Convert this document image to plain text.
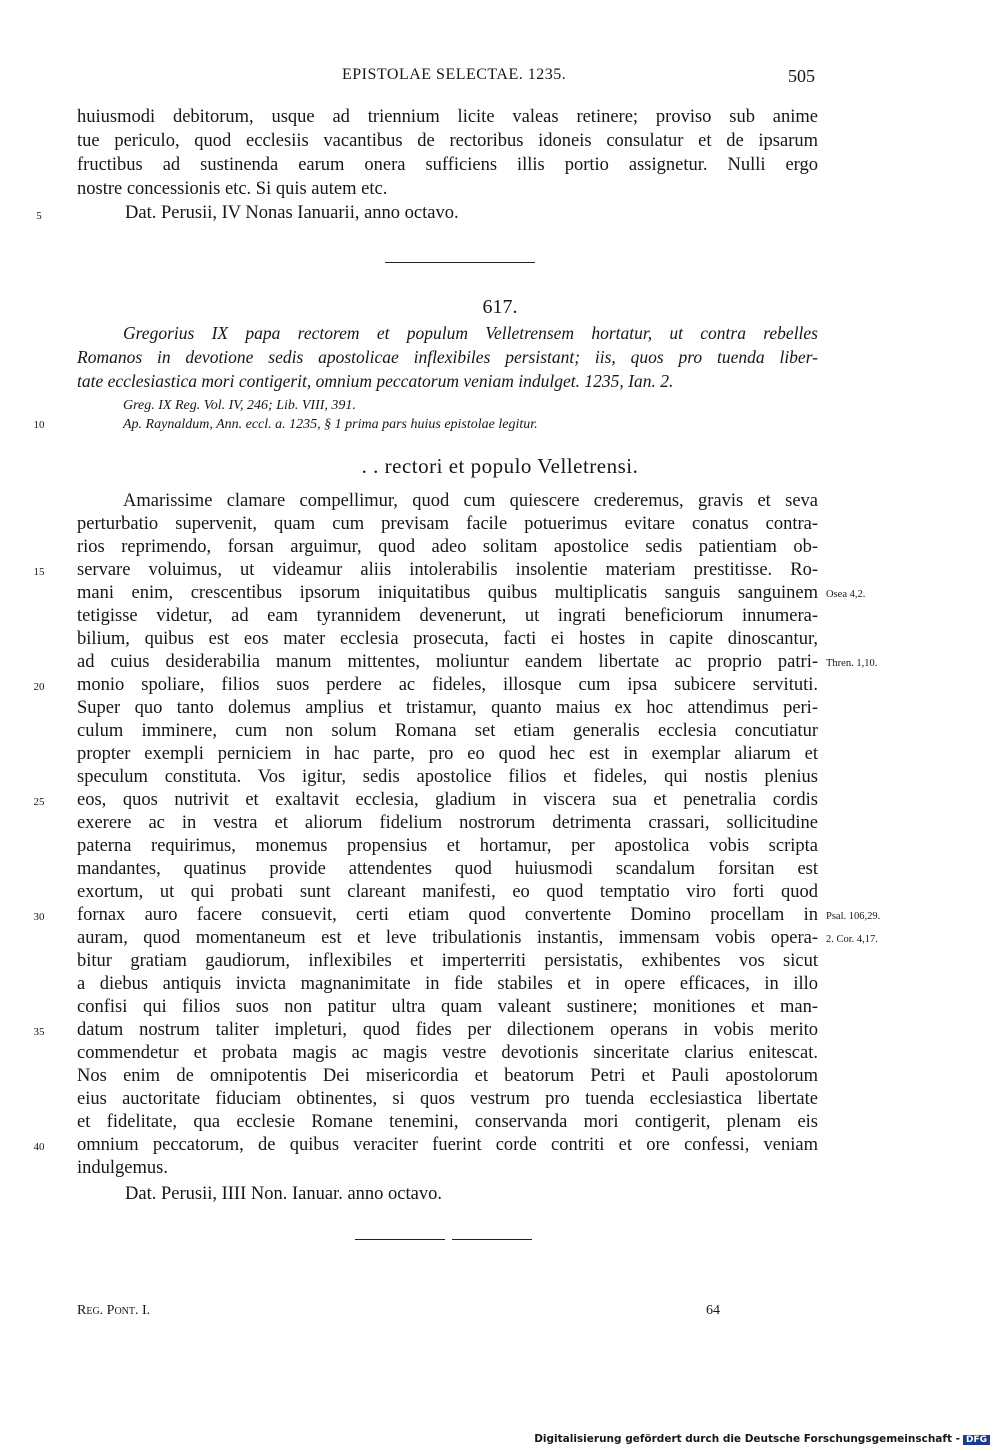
EPISTOLAE SELECTAE. 1235.	505
huiusmodi debitorum, usque ad triennium licite valeas retinere; proviso sub anime
tue periculo, quod ecclesiis vacantibus de rectoribus idoneis consulatur et de ipsarum
fructibus ad sustinenda earum onera sufficiens illis portio assignetur. Nulli ergo
nostre concessionis etc. Si quis autem etc.
Dat. Perusii, IV Nonas Ianuarii, anno octavo.
617.
Gregorius IX papa rectorem et populum Velletrensem hortatur, ut contra rebelles
Romanos in devotione sedis apostolicae inflexibiles persistant; iis, quos pro tuenda liber-
tate ecclesiastica mori contigerit, omnium peccatorum veniam indulget. 1235, Ian. 2.
Greg. IX Reg. Vol. IV, 246; Lib. VIII, 391.
Ap. Raynaldum, Ann. eccl. a. 1235, § 1 prima pars huius epistolae legitur.
. . rectori et populo Velletrensi.
Amarissime clamare compellimur, quod cum quiescere crederemus, gravis et seva
perturbatio supervenit, quam cum previsam facile potuerimus evitare conatus contra-
rios reprimendo, forsan arguimur, quod adeo solitam apostolice sedis patientiam ob-
servare voluimus, ut videamur aliis intolerabilis insolentie materiam prestitisse. Ro-
mani enim, crescentibus ipsorum iniquitatibus quibus multiplicatis sanguis sanguinem
tetigisse videtur, ad eam tyrannidem devenerunt, ut ingrati beneficiorum innumera-
bilium, quibus est eos mater ecclesia prosecuta, facti ei hostes in capite dinoscantur,
ad cuius desiderabilia manum mittentes, moliuntur eandem libertate ac proprio patri-
monio spoliare, filios suos perdere ac fideles, illosque cum ipsa subicere servituti.
Super quo tanto dolemus amplius et tristamur, quanto maius ex hoc attendimus peri-
culum imminere, cum non solum Romana set etiam generalis ecclesia concutiatur
propter exempli perniciem in hac parte, pro eo quod hec est in exemplar aliarum et
speculum constituta. Vos igitur, sedis apostolice filios et fideles, qui nostis plenius
eos, quos nutrivit et exaltavit ecclesia, gladium in viscera sua et penetralia cordis
exerere ac in vestra et aliorum fidelium nostrorum detrimenta crassari, sollicitudine
paterna requirimus, monemus propensius et hortamur, per apostolica vobis scripta
mandantes, quatinus provide attendentes quod huiusmodi scandalum forsitan est
exortum, ut qui probati sunt clareant manifesti, eo quod temptatio viro forti quod
fornax auro facere consuevit, certi etiam quod convertente Domino procellam in
auram, quod momentaneum est et leve tribulationis instantis, immensam vobis opera-
bitur gratiam gaudiorum, inflexibiles et imperterriti persistatis, exhibentes vos sicut
a diebus antiquis invicta magnanimitate in fide stabiles et in opere efficaces, in illo
confisi qui filios suos non patitur ultra quam valeant sustinere; monitiones et man-
datum nostrum taliter impleturi, quod fides per dilectionem operans in vobis merito
commendetur et probata magis ac magis vestre devotionis sinceritate clarius enitescat.
Nos enim de omnipotentis Dei misericordia et beatorum Petri et Pauli apostolorum
eius auctoritate fiduciam obtinentes, si quos vestrum pro tuenda ecclesiastica libertate
et fidelitate, qua ecclesie Romane tenemini, conservanda mori contigerit, plenam eis
omnium peccatorum, de quibus veraciter fuerint corde contriti et ore confessi, veniam
indulgemus.
Dat. Perusii, IIII Non. Ianuar. anno octavo.
5
10
15
20
25
30
35
40
Osea 4,2.
Thren. 1,10.
Psal. 106,29.
2. Cor. 4,17.
Reg. Pont. I.	64
Digitalisierung gefördert durch die Deutsche Forschungsgemeinschaft - DFG
